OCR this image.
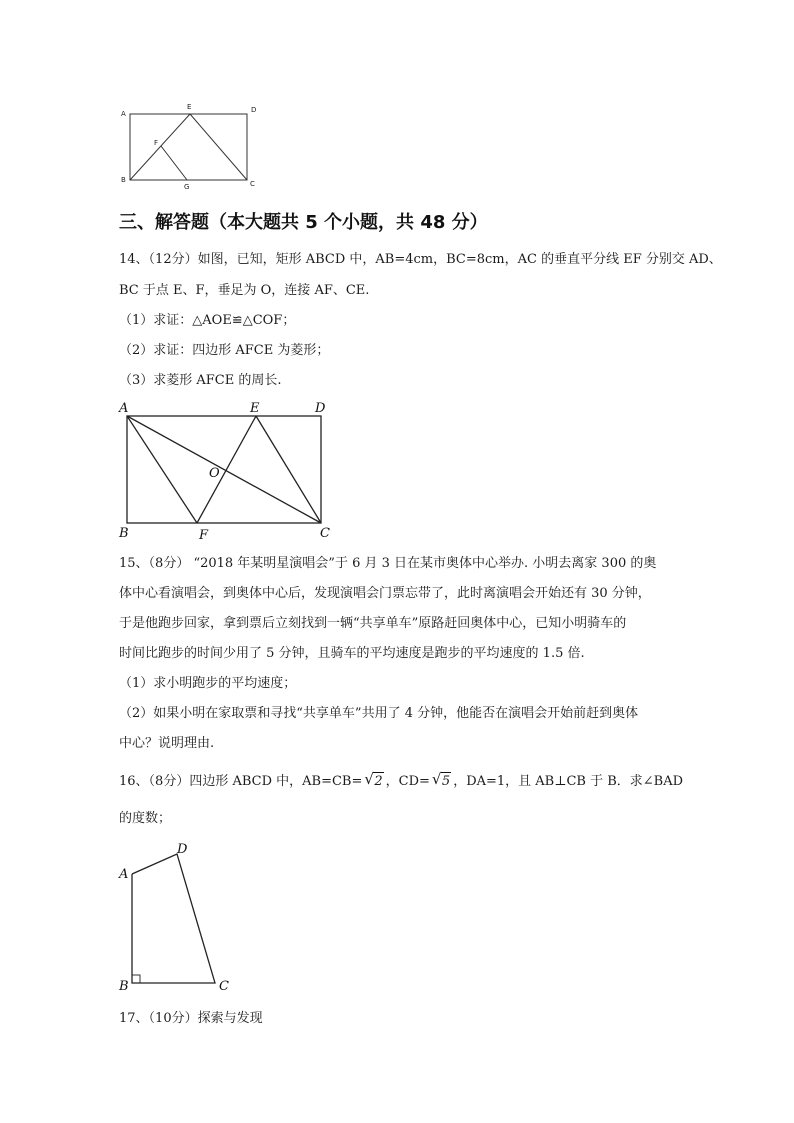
A
E	D
F
B
G	C
三、解答题（本大题共 5 个小题，共 48 分）
14、（12分）如图，已知，矩形 ABCD 中，AB=4cm，BC=8cm，AC 的垂直平分线 EF 分别交 AD、
BC 于点 E、F，垂足为 O，连接 AF、CE.
（1）求证：△AOE≌△COF；
（2）求证：四边形 AFCE 为菱形；
（3）求菱形 AFCE 的周长.
A	E	D
O
B	F	C
15、（8分） “2018 年某明星演唱会”于 6 月 3 日在某市奥体中心举办. 小明去离家 300 的奥
体中心看演唱会，到奥体中心后，发现演唱会门票忘带了，此时离演唱会开始还有 30 分钟，
于是他跑步回家，拿到票后立刻找到一辆“共享单车”原路赶回奥体中心，已知小明骑车的
时间比跑步的时间少用了 5 分钟，且骑车的平均速度是跑步的平均速度的 1.5 倍.
（1）求小明跑步的平均速度；
（2）如果小明在家取票和寻找“共享单车”共用了 4 分钟，他能否在演唱会开始前赶到奥体
中心？说明理由.
16、（8分）四边形 ABCD 中，AB=CB= √ 2 ，CD= √ 5 ，DA=1，且 AB⊥CB 于 B．求∠BAD
的度数；
D
A
B	C
17、（10分）探索与发现
